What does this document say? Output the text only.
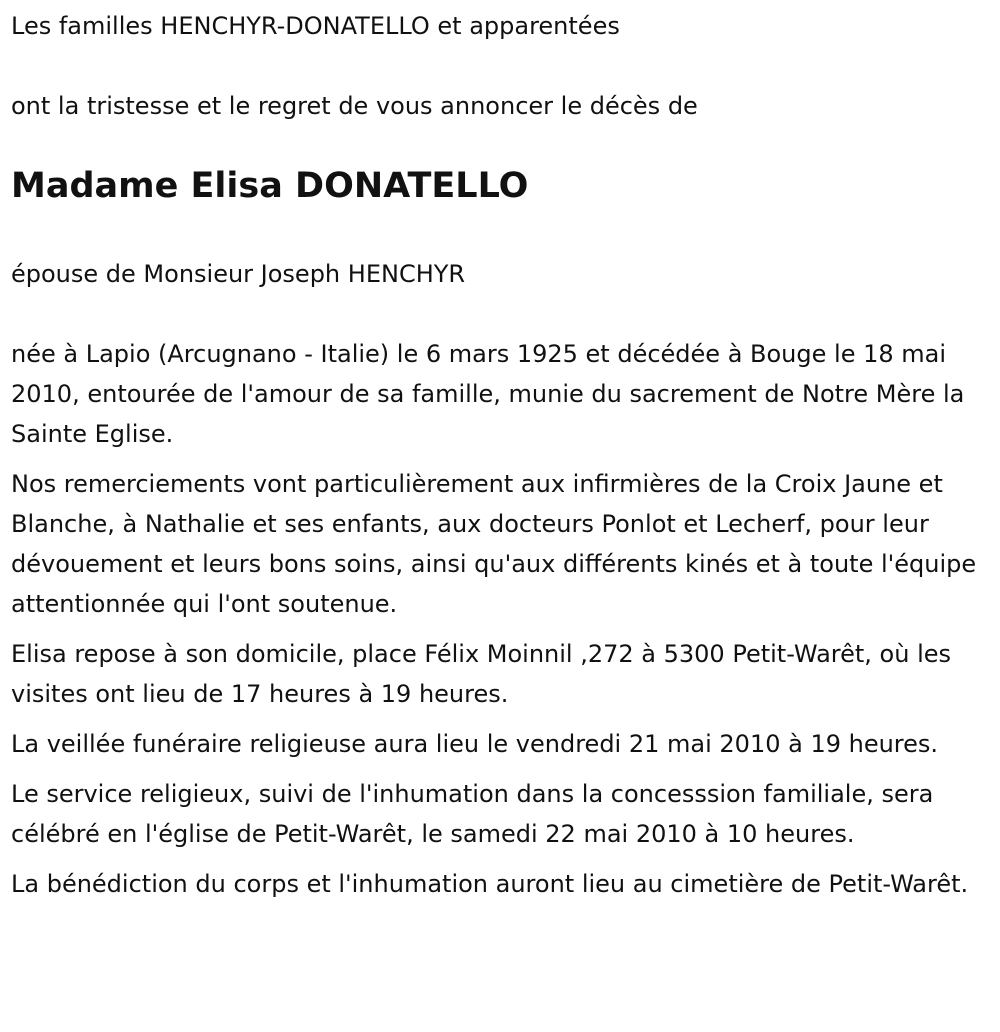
Les familles HENCHYR-DONATELLO et apparentées

ont la tristesse et le regret de vous annoncer le décès de

Madame Elisa DONATELLO

épouse de Monsieur Joseph HENCHYR

née à Lapio (Arcugnano - Italie) le 6 mars 1925 et décédée à Bouge le 18 mai 2010, entourée de l'amour de sa famille, munie du sacrement de Notre Mère la Sainte Eglise.

Nos remerciements vont particulièrement aux infirmières de la Croix Jaune et Blanche, à Nathalie et ses enfants, aux docteurs Ponlot et Lecherf, pour leur dévouement et leurs bons soins, ainsi qu'aux différents kinés et à toute l'équipe attentionnée qui l'ont soutenue.

Elisa repose à son domicile, place Félix Moinnil ,272 à 5300 Petit-Warêt, où les visites ont lieu de 17 heures à 19 heures.

La veillée funéraire religieuse aura lieu le vendredi 21 mai 2010 à 19 heures.

Le service religieux, suivi de l'inhumation dans la concesssion familiale, sera célébré en l'église de Petit-Warêt, le samedi 22 mai 2010 à 10 heures.

La bénédiction du corps et l'inhumation auront lieu au cimetière de Petit-Warêt.
